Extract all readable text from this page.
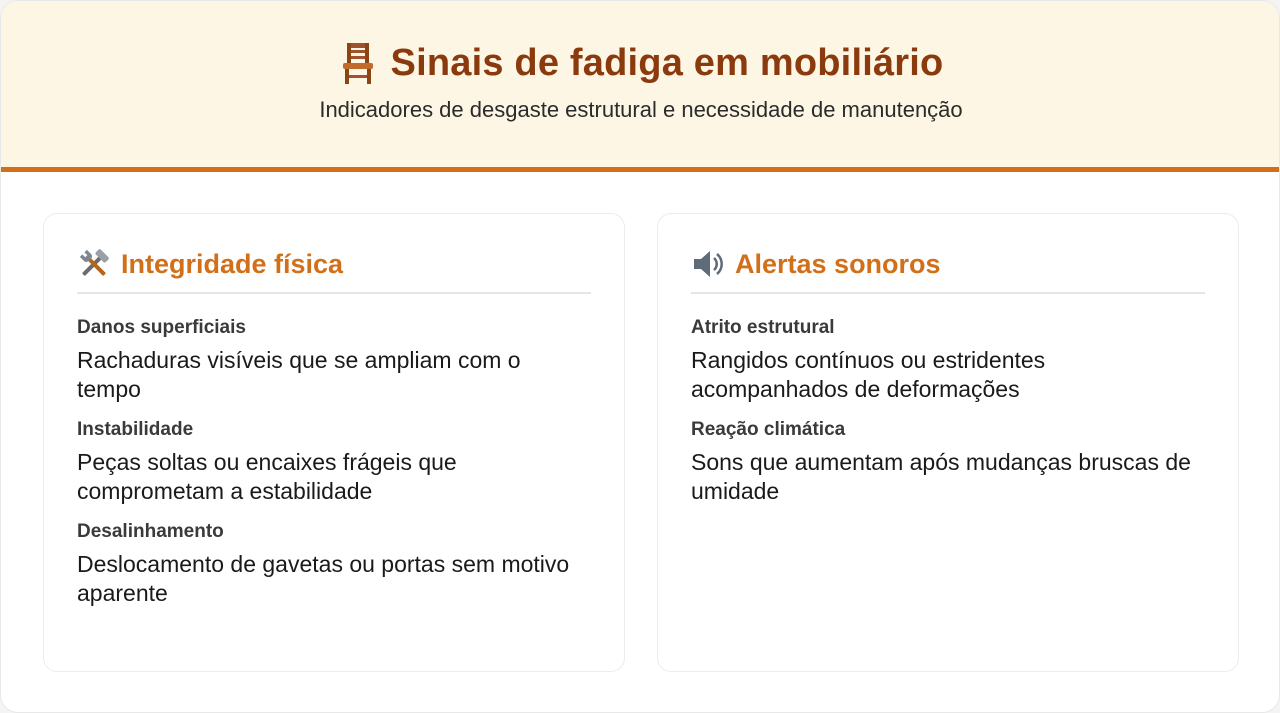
Sinais de fadiga em mobiliário
Indicadores de desgaste estrutural e necessidade de manutenção
Integridade física
Danos superficiais
Rachaduras visíveis que se ampliam com o tempo
Instabilidade
Peças soltas ou encaixes frágeis que comprometam a estabilidade
Desalinhamento
Deslocamento de gavetas ou portas sem motivo aparente
Alertas sonoros
Atrito estrutural
Rangidos contínuos ou estridentes acompanhados de deformações
Reação climática
Sons que aumentam após mudanças bruscas de umidade
